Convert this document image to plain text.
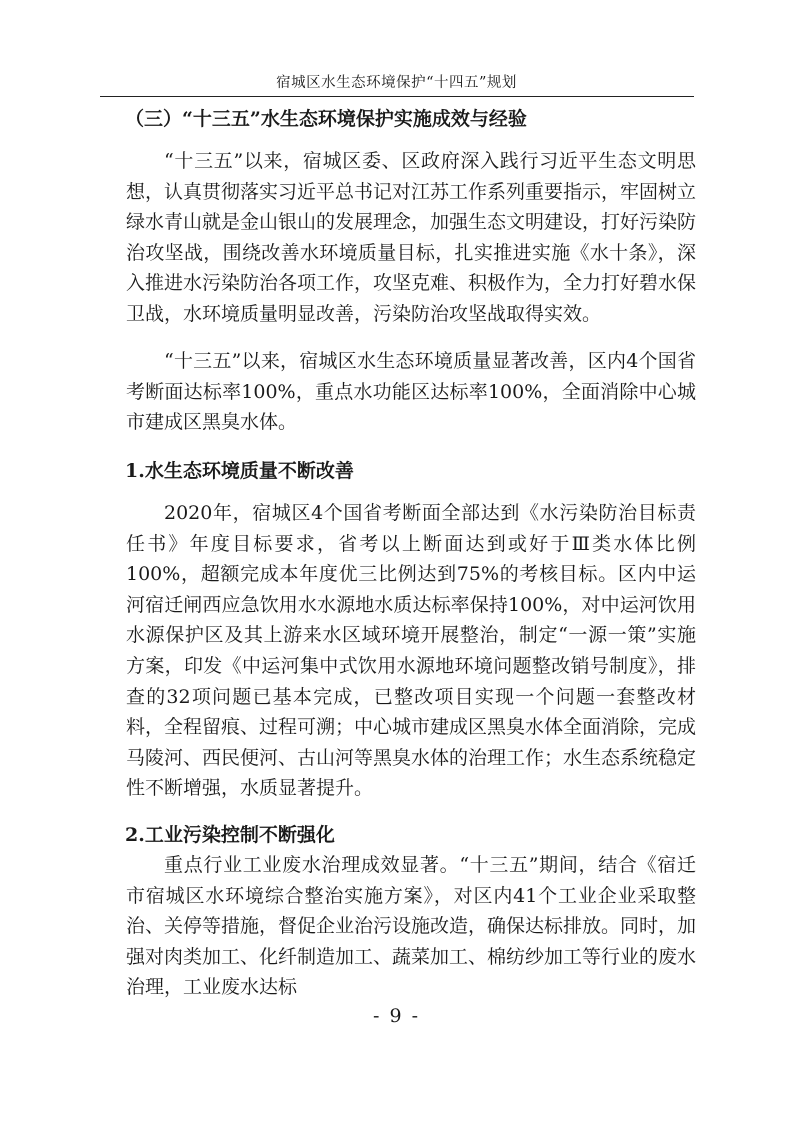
宿城区水生态环境保护“十四五”规划
（三）“十三五”水生态环境保护实施成效与经验

“十三五”以来，宿城区委、区政府深入践行习近平生态文明思想，认真贯彻落实习近平总书记对江苏工作系列重要指示，牢固树立绿水青山就是金山银山的发展理念，加强生态文明建设，打好污染防治攻坚战，围绕改善水环境质量目标，扎实推进实施《水十条》，深入推进水污染防治各项工作，攻坚克难、积极作为，全力打好碧水保卫战，水环境质量明显改善，污染防治攻坚战取得实效。

“十三五”以来，宿城区水生态环境质量显著改善，区内4个国省考断面达标率100%，重点水功能区达标率100%，全面消除中心城市建成区黑臭水体。

1.水生态环境质量不断改善

2020年，宿城区4个国省考断面全部达到《水污染防治目标责任书》年度目标要求，省考以上断面达到或好于Ⅲ类水体比例100%，超额完成本年度优三比例达到75%的考核目标。区内中运河宿迁闸西应急饮用水水源地水质达标率保持100%，对中运河饮用水源保护区及其上游来水区域环境开展整治，制定“一源一策”实施方案，印发《中运河集中式饮用水源地环境问题整改销号制度》，排查的32项问题已基本完成，已整改项目实现一个问题一套整改材料，全程留痕、过程可溯；中心城市建成区黑臭水体全面消除，完成马陵河、西民便河、古山河等黑臭水体的治理工作；水生态系统稳定性不断增强，水质显著提升。

2.工业污染控制不断强化

重点行业工业废水治理成效显著。“十三五”期间，结合《宿迁市宿城区水环境综合整治实施方案》，对区内41个工业企业采取整治、关停等措施，督促企业治污设施改造，确保达标排放。同时，加强对肉类加工、化纤制造加工、蔬菜加工、棉纺纱加工等行业的废水治理，工业废水达标

- 9 -
